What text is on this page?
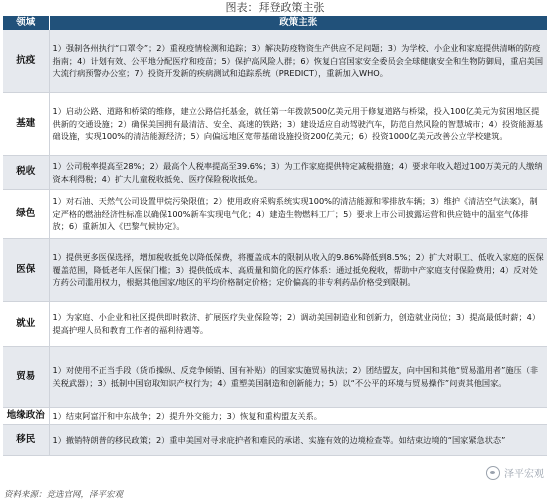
图表：拜登政策主张
领域	政策主张
抗疫	1）强制各州执行“口罩令”；2）重视疫情检测和追踪；3）解决防疫物资生产供应不足问题；3）为学校、小企业和家庭提供清晰的防疫指南；4）计划有效、公平地分配医疗和疫苗；5）保护高风险人群；6）恢复白宫国家安全委员会全球健康安全和生物防御局，重启美国大流行病预警办公室；7）投资开发新的疾病测试和追踪系统（PREDICT），重新加入WHO。
基建	1）启动公路、道路和桥梁的维修，建立公路信托基金，就任第一年拨款500亿美元用于修复道路与桥梁，投入100亿美元为贫困地区提供新的交通设施；2）确保美国拥有最清洁、安全、高速的铁路；3）建设适应自动驾驶汽车，防范自然风险的智慧城市；4）投资能源基础设施，实现100%的清洁能源经济；5）向偏远地区宽带基础设施投资200亿美元；6）投资1000亿美元改善公立学校建筑。
税收	1）公司税率提高至28%；2）最高个人税率提高至39.6%；3）为工作家庭提供特定减税措施；4）要求年收入超过100万美元的人缴纳资本利得税；4）扩大儿童税收抵免、医疗保险税收抵免。
绿色	1）对石油、天然气公司设置甲烷污染限值；2）使用政府采购系统实现100%的清洁能源和零排放车辆；3）维护《清洁空气法案》，制定严格的燃油经济性标准以确保100%新车实现电气化；4）建造生物燃料工厂；5）要求上市公司披露运营和供应链中的温室气体排放；6）重新加入《巴黎气候协定》。
医保	1）提供更多医保选择，增加税收抵免以降低保费，将覆盖成本的限制从收入的9.86%降低到8.5%；2）扩大对职工、低收入家庭的医保覆盖范围，降低老年人医保门槛；3）提供低成本、高质量和简化的医疗体系：通过抵免税收，帮助中产家庭支付保险费用；4）反对处方药公司滥用权力，根据其他国家/地区的平均价格制定价格；定价偏高的非专利药品价格受到限制。
就业	1）为家庭、小企业和社区提供即时救济、扩展医疗失业保险等；2）调动美国制造业和创新力，创造就业岗位；3）提高最低时薪；4）提高护理人员和教育工作者的福利待遇等。
贸易	1）对使用不正当手段（货币操纵、反竞争倾销、国有补贴）的国家实施贸易执法；2）团结盟友，向中国和其他“贸易滥用者”施压（非关税武器）；3）抵制中国窃取知识产权行为；4）重塑美国制造和创新能力；5）以“不公平的环境与贸易操作”问责其他国家。
地缘政治	1）结束阿富汗和中东战争；2）提升外交能力；3）恢复和重构盟友关系。
移民	1）撤销特朗普的移民政策；2）重申美国对寻求庇护者和难民的承诺、实施有效的边境检查等。如结束边境的“国家紧急状态”
泽平宏观
资料来源：竞选官网，泽平宏观
